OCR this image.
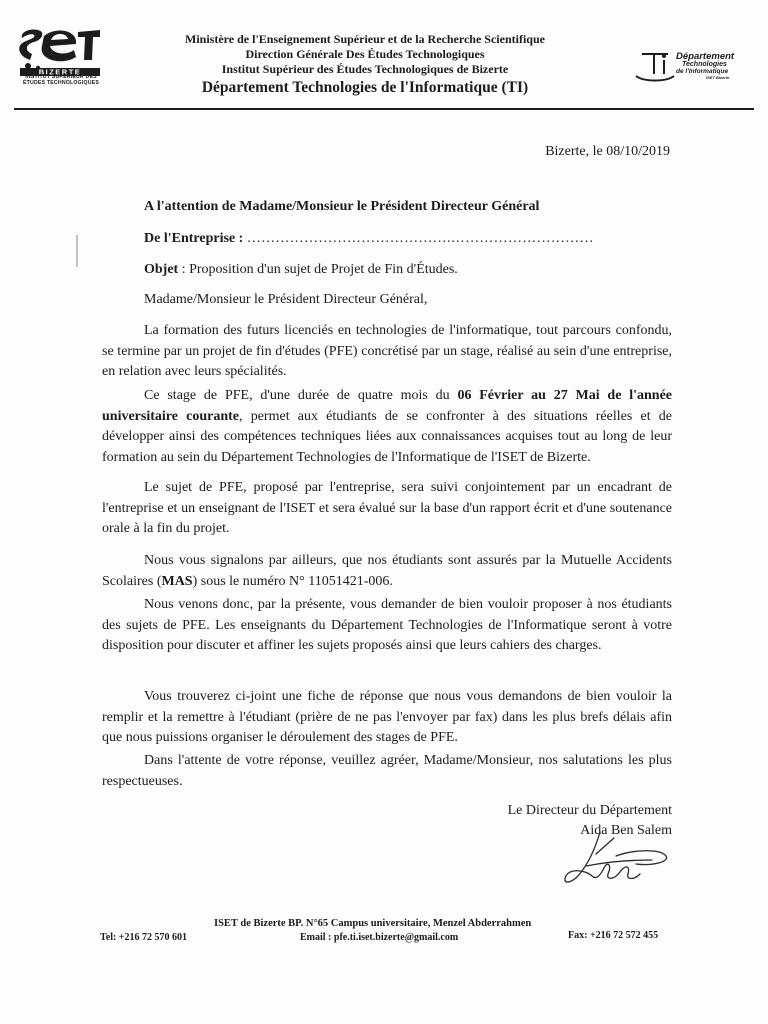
BIZERTE
INSTITUT SUPÉRIEUR DES ÉTUDES TECHNOLOGIQUES
Ministère de l'Enseignement Supérieur et de la Recherche Scientifique
Direction Générale Des Études Technologiques
Institut Supérieur des Études Technologiques de Bizerte
Département Technologies de l'Informatique (TI)
Département
Technologies
de l'Informatique
ISET Bizerte
Bizerte, le 08/10/2019
A l'attention de Madame/Monsieur le Président Directeur Général
De l'Entreprise : …………………………………….…………………………
Objet : Proposition d'un sujet de Projet de Fin d'Études.
Madame/Monsieur le Président Directeur Général,
La formation des futurs licenciés en technologies de l'informatique, tout parcours confondu, se termine par un projet de fin d'études (PFE) concrétisé par un stage, réalisé au sein d'une entreprise, en relation avec leurs spécialités.
Ce stage de PFE, d'une durée de quatre mois du 06 Février au 27 Mai de l'année universitaire courante, permet aux étudiants de se confronter à des situations réelles et de développer ainsi des compétences techniques liées aux connaissances acquises tout au long de leur formation au sein du Département Technologies de l'Informatique de l'ISET de Bizerte.
Le sujet de PFE, proposé par l'entreprise, sera suivi conjointement par un encadrant de l'entreprise et un enseignant de l'ISET et sera évalué sur la base d'un rapport écrit et d'une soutenance orale à la fin du projet.
Nous vous signalons par ailleurs, que nos étudiants sont assurés par la Mutuelle Accidents Scolaires (MAS) sous le numéro N° 11051421-006.
Nous venons donc, par la présente, vous demander de bien vouloir proposer à nos étudiants des sujets de PFE. Les enseignants du Département Technologies de l'Informatique seront à votre disposition pour discuter et affiner les sujets proposés ainsi que leurs cahiers des charges.
Vous trouverez ci-joint une fiche de réponse que nous vous demandons de bien vouloir la remplir et la remettre à l'étudiant (prière de ne pas l'envoyer par fax) dans les plus brefs délais afin que nous puissions organiser le déroulement des stages de PFE.
Dans l'attente de votre réponse, veuillez agréer, Madame/Monsieur, nos salutations les plus respectueuses.
Le Directeur du Département
Aida Ben Salem
ISET de Bizerte BP. N°65 Campus universitaire, Menzel Abderrahmen
Tel: +216 72 570 601	Email : pfe.ti.iset.bizerte@gmail.com	Fax: +216 72 572 455
